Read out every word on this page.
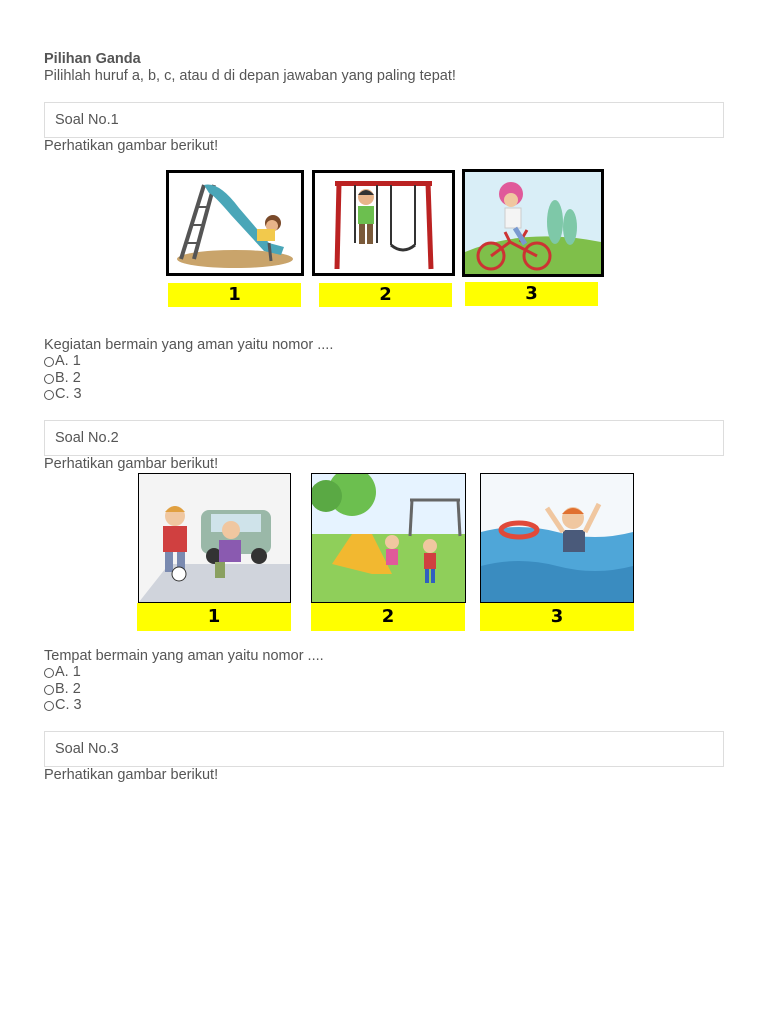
Pilihan Ganda
Pilihlah huruf a, b, c, atau d di depan jawaban yang paling tepat!
Soal No.1
Perhatikan gambar berikut!
1	2	3
Kegiatan bermain yang aman yaitu nomor ....
A. 1
B. 2
C. 3
Soal No.2
Perhatikan gambar berikut!
1	2	3
Tempat bermain yang aman yaitu nomor ....
A. 1
B. 2
C. 3
Soal No.3
Perhatikan gambar berikut!
